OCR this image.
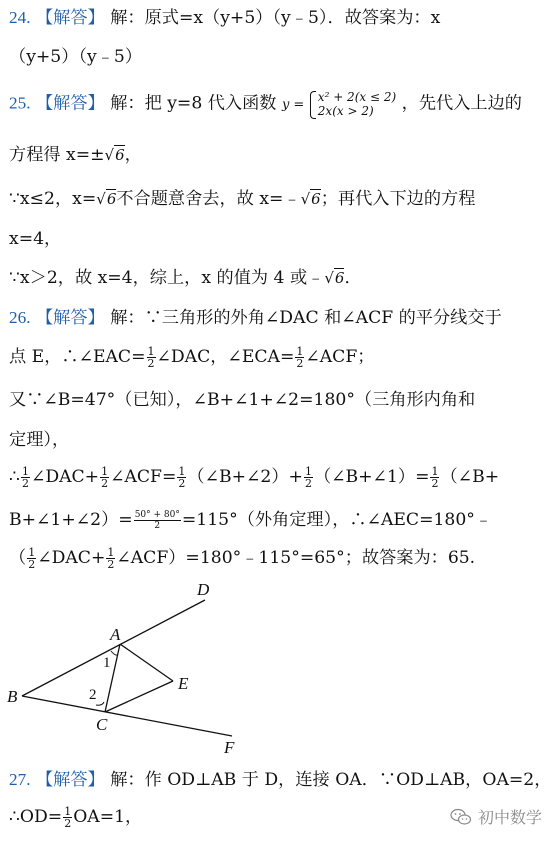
24. 【解答】 解：原式=x（y+5）（y﹣5）．故答案为：x
（y+5）（y﹣5）
25. 【解答】 解：把 y=8 代入函数 y =
x² + 2(x ≤ 2)
2x(x > 2)	，先代入上边的
方程得 x=±√6，
∵x≤2，x=√6不合题意舍去，故 x=﹣√6；再代入下边的方程
x=4，
∵x＞2，故 x=4，综上，x 的值为 4 或﹣√6．
26. 【解答】 解：∵三角形的外角∠DAC 和∠ACF 的平分线交于
点 E，∴∠EAC= $\frac{1}{2}$ ∠DAC，∠ECA= $\frac{1}{2}$ ∠ACF；
又∵∠B=47°（已知），∠B+∠1+∠2=180°（三角形内角和
定理），
∴ $\frac{1}{2}$ ∠DAC+ $\frac{1}{2}$ ∠ACF= $\frac{1}{2}$ （∠B+∠2）+ $\frac{1}{2}$ （∠B+∠1）= $\frac{1}{2}$ （∠B+
B+∠1+∠2）= $\frac{50^\circ + 80^\circ}{2} =115^\circ$（外角定理），∴∠AEC=180°﹣
（ $\frac{1}{2}$ ∠DAC+ $\frac{1}{2}$ ∠ACF）=180°﹣115°=65°；故答案为：65.
D
A
1
E
B	2
C
F
27. 【解答】 解：作 OD⊥AB 于 D，连接 OA．∵OD⊥AB，OA=2，
∴OD= $\frac{1}{2} OA=1$，	初中数学
